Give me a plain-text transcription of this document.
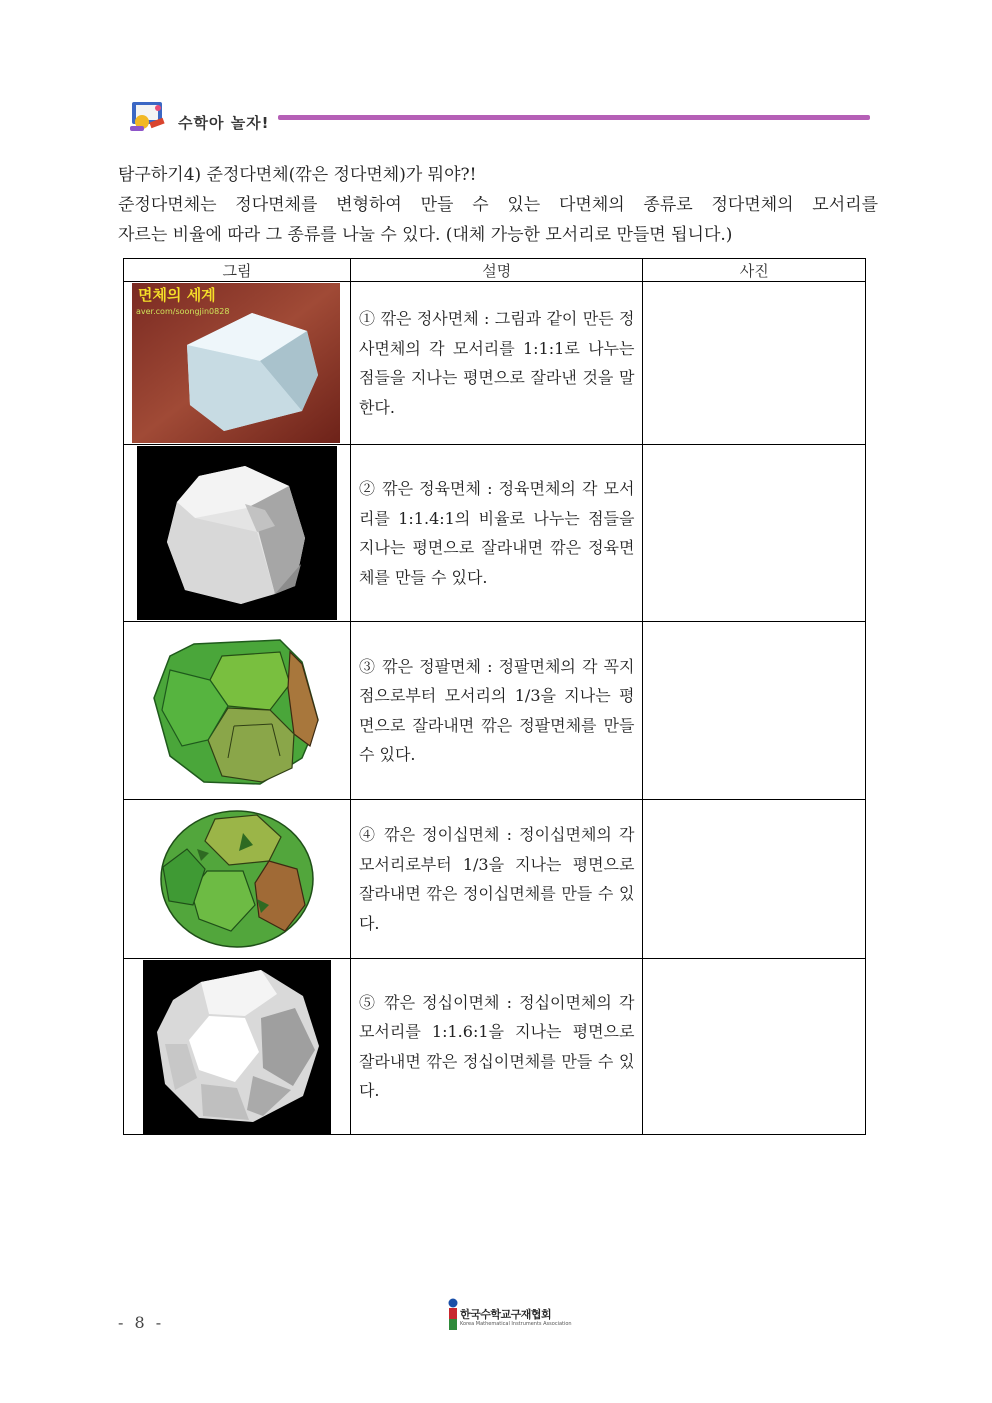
수학아 놀자!

탐구하기4) 준정다면체(깎은 정다면체)가 뭐야?!

준정다면체는 정다면체를 변형하여 만들 수 있는 다면체의 종류로 정다면체의 모서리를

자르는 비율에 따라 그 종류를 나눌 수 있다. (대체 가능한 모서리로 만들면 됩니다.)

그림	설명	사진

면체의 세계
aver.com/soongjin0828	① 깎은 정사면체 : 그림과 같이 만든 정사면체의 각 모서리를 1:1:1로 나누는 점들을 지나는 평면으로 잘라낸 것을 말한다.	

② 깎은 정육면체 : 정육면체의 각 모서리를 1:1.4:1의 비율로 나누는 점들을 지나는 평면으로 잘라내면 깎은 정육면체를 만들 수 있다.	

③ 깎은 정팔면체 : 정팔면체의 각 꼭지점으로부터 모서리의 1/3을 지나는 평면으로 잘라내면 깎은 정팔면체를 만들 수 있다.	

④ 깎은 정이십면체 : 정이십면체의 각 모서리로부터 1/3을 지나는 평면으로 잘라내면 깎은 정이십면체를 만들 수 있다.	

⑤ 깎은 정십이면체 : 정십이면체의 각 모서리를 1:1.6:1을 지나는 평면으로 잘라내면 깎은 정십이면체를 만들 수 있다.	

- 8 -	한국수학교구재협회
Korea Mathematical Instruments Association
